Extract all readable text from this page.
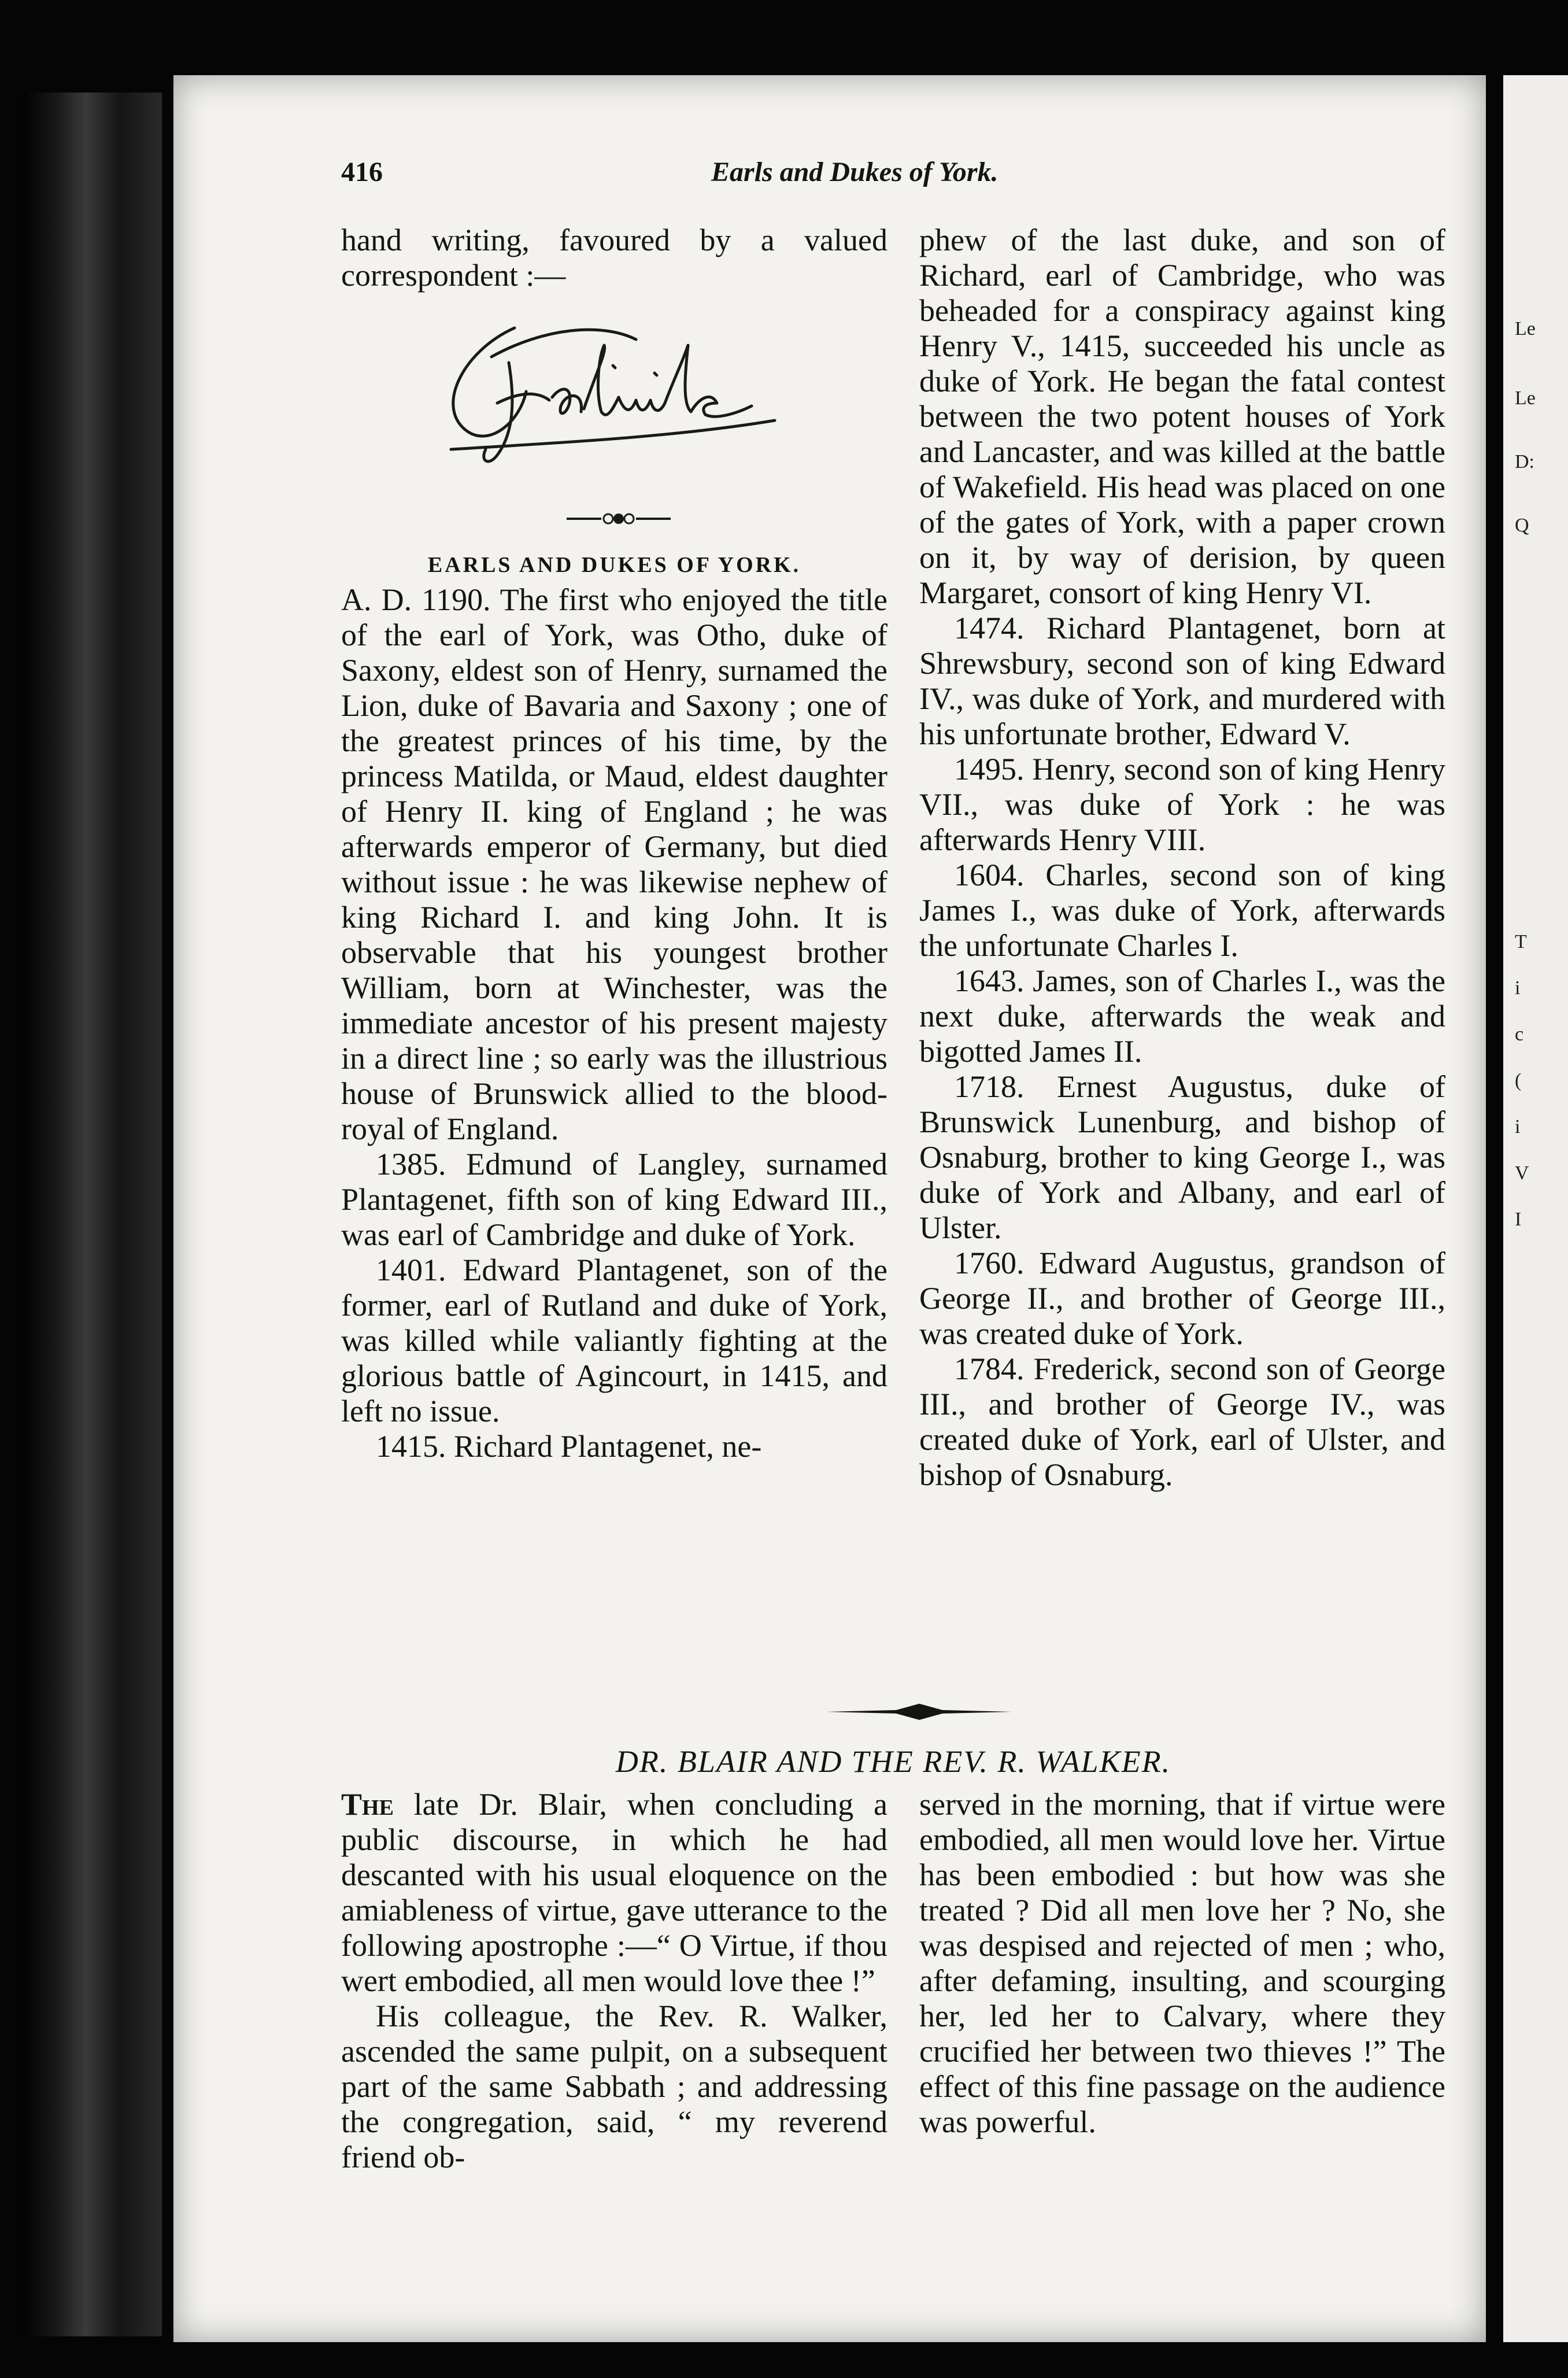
Le
Le
D:
Q
T
i
c
(
i
V
I
416	Earls and Dukes of York.

hand writing, favoured by a valued correspondent :—

EARLS AND DUKES OF YORK.

A. D. 1190. The first who enjoyed the title of the earl of York, was Otho, duke of Saxony, eldest son of Henry, surnamed the Lion, duke of Bavaria and Saxony ; one of the greatest princes of his time, by the princess Matilda, or Maud, eldest daughter of Henry II. king of England ; he was afterwards emperor of Germany, but died without issue : he was likewise nephew of king Richard I. and king John. It is observable that his youngest brother William, born at Winchester, was the immediate ancestor of his present majesty in a direct line ; so early was the illustrious house of Brunswick allied to the blood-royal of England.

1385. Edmund of Langley, surnamed Plantagenet, fifth son of king Edward III., was earl of Cambridge and duke of York.

1401. Edward Plantagenet, son of the former, earl of Rutland and duke of York, was killed while valiantly fighting at the glorious battle of Agincourt, in 1415, and left no issue.

1415. Richard Plantagenet, ne-

phew of the last duke, and son of Richard, earl of Cambridge, who was beheaded for a conspiracy against king Henry V., 1415, succeeded his uncle as duke of York. He began the fatal contest between the two potent houses of York and Lancaster, and was killed at the battle of Wakefield. His head was placed on one of the gates of York, with a paper crown on it, by way of derision, by queen Margaret, consort of king Henry VI.

1474. Richard Plantagenet, born at Shrewsbury, second son of king Edward IV., was duke of York, and murdered with his unfortunate brother, Edward V.

1495. Henry, second son of king Henry VII., was duke of York : he was afterwards Henry VIII.

1604. Charles, second son of king James I., was duke of York, afterwards the unfortunate Charles I.

1643. James, son of Charles I., was the next duke, afterwards the weak and bigotted James II.

1718. Ernest Augustus, duke of Brunswick Lunenburg, and bishop of Osnaburg, brother to king George I., was duke of York and Albany, and earl of Ulster.

1760. Edward Augustus, grandson of George II., and brother of George III., was created duke of York.

1784. Frederick, second son of George III., and brother of George IV., was created duke of York, earl of Ulster, and bishop of Osnaburg.

DR. BLAIR AND THE REV. R. WALKER.

The late Dr. Blair, when concluding a public discourse, in which he had descanted with his usual eloquence on the amiableness of virtue, gave utterance to the following apostrophe :—“ O Virtue, if thou wert embodied, all men would love thee !”

His colleague, the Rev. R. Walker, ascended the same pulpit, on a subsequent part of the same Sabbath ; and addressing the congregation, said, “ my reverend friend ob-

served in the morning, that if virtue were embodied, all men would love her. Virtue has been embodied : but how was she treated ? Did all men love her ? No, she was despised and rejected of men ; who, after defaming, insulting, and scourging her, led her to Calvary, where they crucified her between two thieves !” The effect of this fine passage on the audience was powerful.
